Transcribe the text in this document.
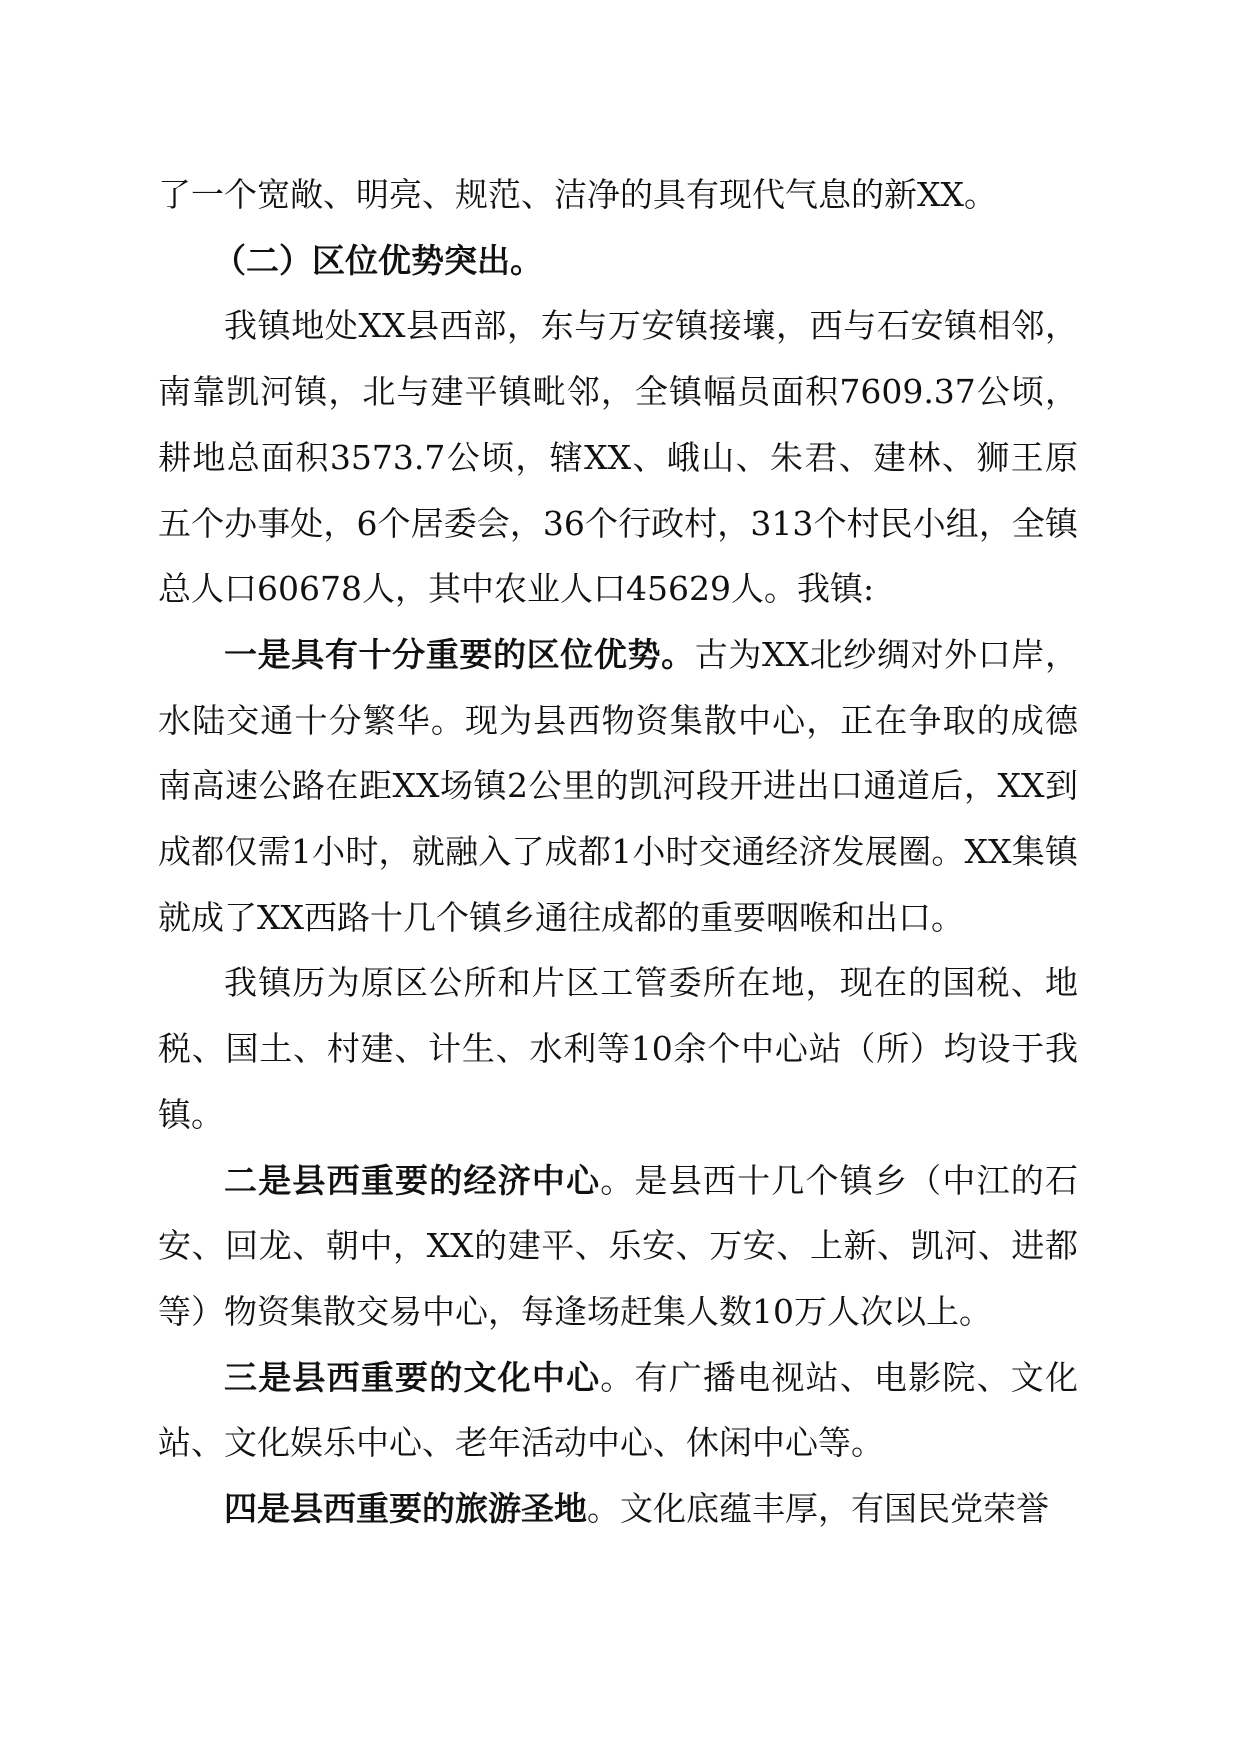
了一个宽敞、明亮、规范、洁净的具有现代气息的新XX。

（二）区位优势突出。

我镇地处XX县西部，东与万安镇接壤，西与石安镇相邻，南靠凯河镇，北与建平镇毗邻，全镇幅员面积7609.37公顷，耕地总面积3573.7公顷，辖XX、峨山、朱君、建林、狮王原五个办事处，6个居委会，36个行政村，313个村民小组，全镇总人口60678人，其中农业人口45629人。我镇:

一是具有十分重要的区位优势。古为XX北纱绸对外口岸，水陆交通十分繁华。现为县西物资集散中心，正在争取的成德南高速公路在距XX场镇2公里的凯河段开进出口通道后，XX到成都仅需1小时，就融入了成都1小时交通经济发展圈。XX集镇就成了XX西路十几个镇乡通往成都的重要咽喉和出口。

我镇历为原区公所和片区工管委所在地，现在的国税、地税、国土、村建、计生、水利等10余个中心站（所）均设于我镇。

二是县西重要的经济中心。是县西十几个镇乡（中江的石安、回龙、朝中，XX的建平、乐安、万安、上新、凯河、进都等）物资集散交易中心，每逢场赶集人数10万人次以上。

三是县西重要的文化中心。有广播电视站、电影院、文化站、文化娱乐中心、老年活动中心、休闲中心等。

四是县西重要的旅游圣地。文化底蕴丰厚，有国民党荣誉
